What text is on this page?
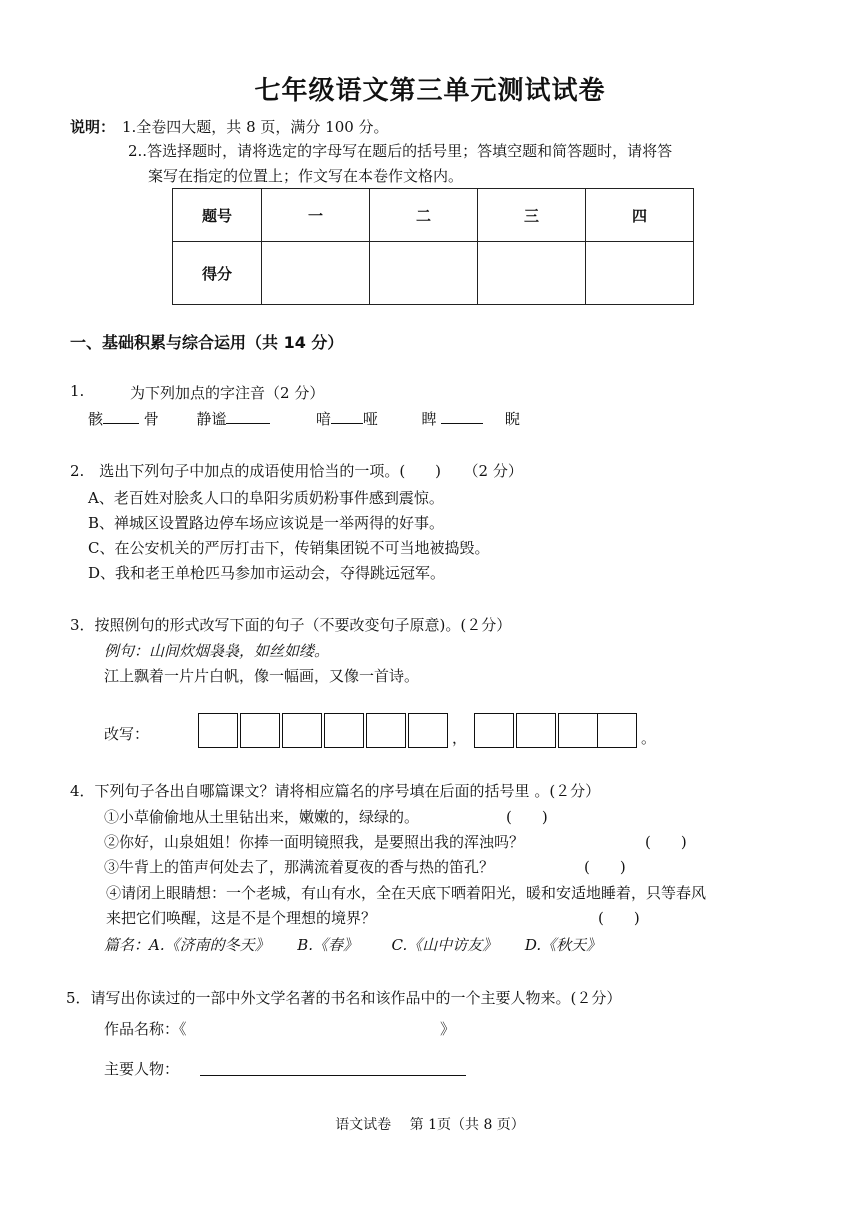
七年级语文第三单元测试试卷
说明： 1.全卷四大题，共 8 页，满分 100 分。
2..答选择题时，请将选定的字母写在题后的括号里；答填空题和简答题时，请将答
案写在指定的位置上；作文写在本卷作文格内。
题号	一	二	三	四
得分				
一、基础积累与综合运用（共 14 分）
1.	为下列加点的字注音（2 分）
骸	骨	静谧	喑 哑	睥	睨
2.　选出下列句子中加点的成语使用恰当的一项。(　　)　　（2 分）
A、老百姓对脍炙人口的阜阳劣质奶粉事件感到震惊。
B、禅城区设置路边停车场应该说是一举两得的好事。
C、在公安机关的严厉打击下，传销集团锐不可当地被捣毁。
D、我和老王单枪匹马参加市运动会，夺得跳远冠军。
3．按照例句的形式改写下面的句子（不要改变句子原意)。(２分）
例句：山间炊烟袅袅，如丝如缕。
江上飘着一片片白帆，像一幅画，又像一首诗。
改写：	，	。
4．下列句子各出自哪篇课文？请将相应篇名的序号填在后面的括号里 。(２分）
①小草偷偷地从土里钻出来，嫩嫩的，绿绿的。	(　　)
②你好，山泉姐姐！你捧一面明镜照我，是要照出我的浑浊吗？	(　　)
③牛背上的笛声何处去了，那满流着夏夜的香与热的笛孔？	(　　)
④请闭上眼睛想：一个老城，有山有水，全在天底下晒着阳光，暖和安适地睡着，只等春风
来把它们唤醒，这是不是个理想的境界？	(　　)
篇名：A.《济南的冬天》 B.《春》 C.《山中访友》 D.《秋天》
5．请写出你读过的一部中外文学名著的书名和该作品中的一个主要人物来。(２分）
作品名称：《	》
主要人物：
语文试卷　 第 1页（共 8 页）
